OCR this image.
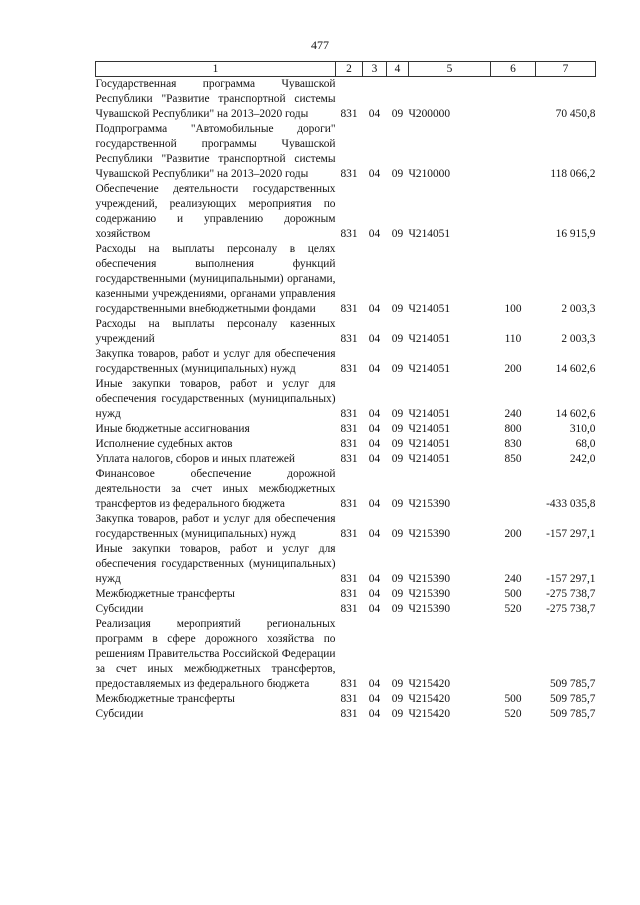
477
1	2	3	4	5	6	7
Государственная программа Чувашской Республики "Развитие транспортной системы Чувашской Республики" на 2013–2020 годы	831	04	09	Ч200000		70 450,8
Подпрограмма "Автомобильные дороги" государственной программы Чувашской Республики "Развитие транспортной системы Чувашской Республики" на 2013–2020 годы	831	04	09	Ч210000		118 066,2
Обеспечение деятельности государственных учреждений, реализующих мероприятия по содержанию и управлению дорожным хозяйством	831	04	09	Ч214051		16 915,9
Расходы на выплаты персоналу в целях обеспечения выполнения функций государственными (муниципальными) органами, казенными учреждениями, органами управления государственными внебюджетными фондами	831	04	09	Ч214051	100	2 003,3
Расходы на выплаты персоналу казенных учреждений	831	04	09	Ч214051	110	2 003,3
Закупка товаров, работ и услуг для обеспечения государственных (муниципальных) нужд	831	04	09	Ч214051	200	14 602,6
Иные закупки товаров, работ и услуг для обеспечения государственных (муниципальных) нужд	831	04	09	Ч214051	240	14 602,6
Иные бюджетные ассигнования	831	04	09	Ч214051	800	310,0
Исполнение судебных актов	831	04	09	Ч214051	830	68,0
Уплата налогов, сборов и иных платежей	831	04	09	Ч214051	850	242,0
Финансовое обеспечение дорожной деятельности за счет иных межбюджетных трансфертов из федерального бюджета	831	04	09	Ч215390		-433 035,8
Закупка товаров, работ и услуг для обеспечения государственных (муниципальных) нужд	831	04	09	Ч215390	200	-157 297,1
Иные закупки товаров, работ и услуг для обеспечения государственных (муниципальных) нужд	831	04	09	Ч215390	240	-157 297,1
Межбюджетные трансферты	831	04	09	Ч215390	500	-275 738,7
Субсидии	831	04	09	Ч215390	520	-275 738,7
Реализация мероприятий региональных программ в сфере дорожного хозяйства по решениям Правительства Российской Федерации за счет иных межбюджетных трансфертов, предоставляемых из федерального бюджета	831	04	09	Ч215420		509 785,7
Межбюджетные трансферты	831	04	09	Ч215420	500	509 785,7
Субсидии	831	04	09	Ч215420	520	509 785,7
